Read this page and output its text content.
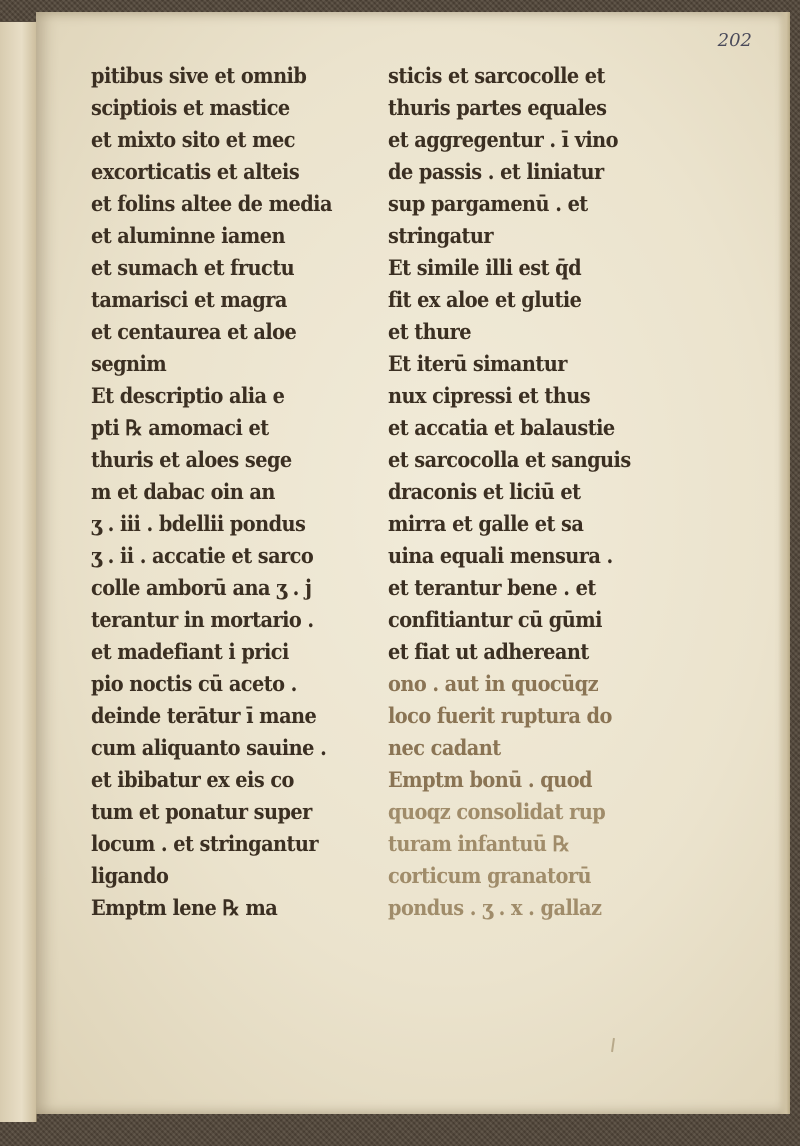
202
pitibus sive et omnib
sciptiois et mastice
et mixto sito et mec
excorticatis et alteis
et folins altee de media
et aluminne iamen
et sumach et fructu
tamarisci et magra
et centaurea et aloe
segnim
Et descriptio alia e
pti ℞ amomaci et
thuris et aloes sege
m et dabac oin an
ʒ . iii . bdellii pondus
ʒ . ii . accatie et sarco
colle amborū ana ʒ . j
terantur in mortario .
et madefiant i prici
pio noctis cū aceto .
deinde terātur ī mane
cum aliquanto sauine .
et ibibatur ex eis co
tum et ponatur super
locum . et stringantur
ligando
Emptm lene ℞ ma
sticis et sarcocolle et
thuris partes equales
et aggregentur . ī vino
de passis . et liniatur
sup pargamenū . et
stringatur
Et simile illi est q̄d
fit ex aloe et glutie
et thure
Et iterū simantur
nux cipressi et thus
et accatia et balaustie
et sarcocolla et sanguis
draconis et liciū et
mirra et galle et sa
uina equali mensura .
et terantur bene . et
confitiantur cū gūmi
et fiat ut adhereant
ono . aut in quocūqz
loco fuerit ruptura do
nec cadant
Emptm bonū . quod
quoqz consolidat rup
turam infantuū ℞
corticum granatorū
pondus . ʒ . x . gallaz
